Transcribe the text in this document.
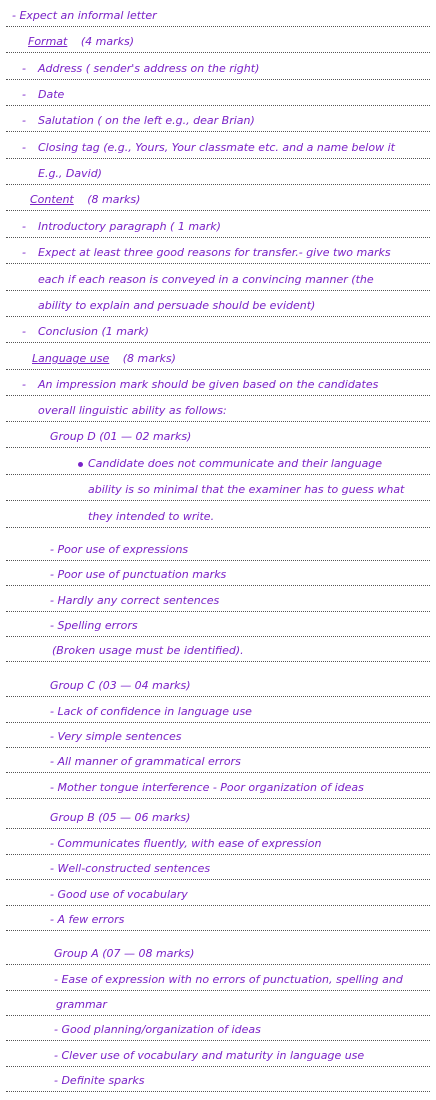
- Expect an informal letter
Format (4 marks)
- Address ( sender's address on the right)
- Date
- Salutation ( on the left e.g., dear Brian)
- Closing tag (e.g., Yours, Your classmate etc. and a name below it
E.g., David)
Content (8 marks)
- Introductory paragraph ( 1 mark)
- Expect at least three good reasons for transfer.- give two marks
each if each reason is conveyed in a convincing manner (the
ability to explain and persuade should be evident)
- Conclusion (1 mark)
Language use (8 marks)
- An impression mark should be given based on the candidates
overall linguistic ability as follows:
Group D (01 — 02 marks)
Candidate does not communicate and their language
ability is so minimal that the examiner has to guess what
they intended to write.
- Poor use of expressions
- Poor use of punctuation marks
- Hardly any correct sentences
- Spelling errors
(Broken usage must be identified).
Group C (03 — 04 marks)
- Lack of confidence in language use
- Very simple sentences
- All manner of grammatical errors
- Mother tongue interference - Poor organization of ideas
Group B (05 — 06 marks)
- Communicates fluently, with ease of expression
- Well-constructed sentences
- Good use of vocabulary
- A few errors
Group A (07 — 08 marks)
- Ease of expression with no errors of punctuation, spelling and
grammar
- Good planning/organization of ideas
- Clever use of vocabulary and maturity in language use
- Definite sparks
